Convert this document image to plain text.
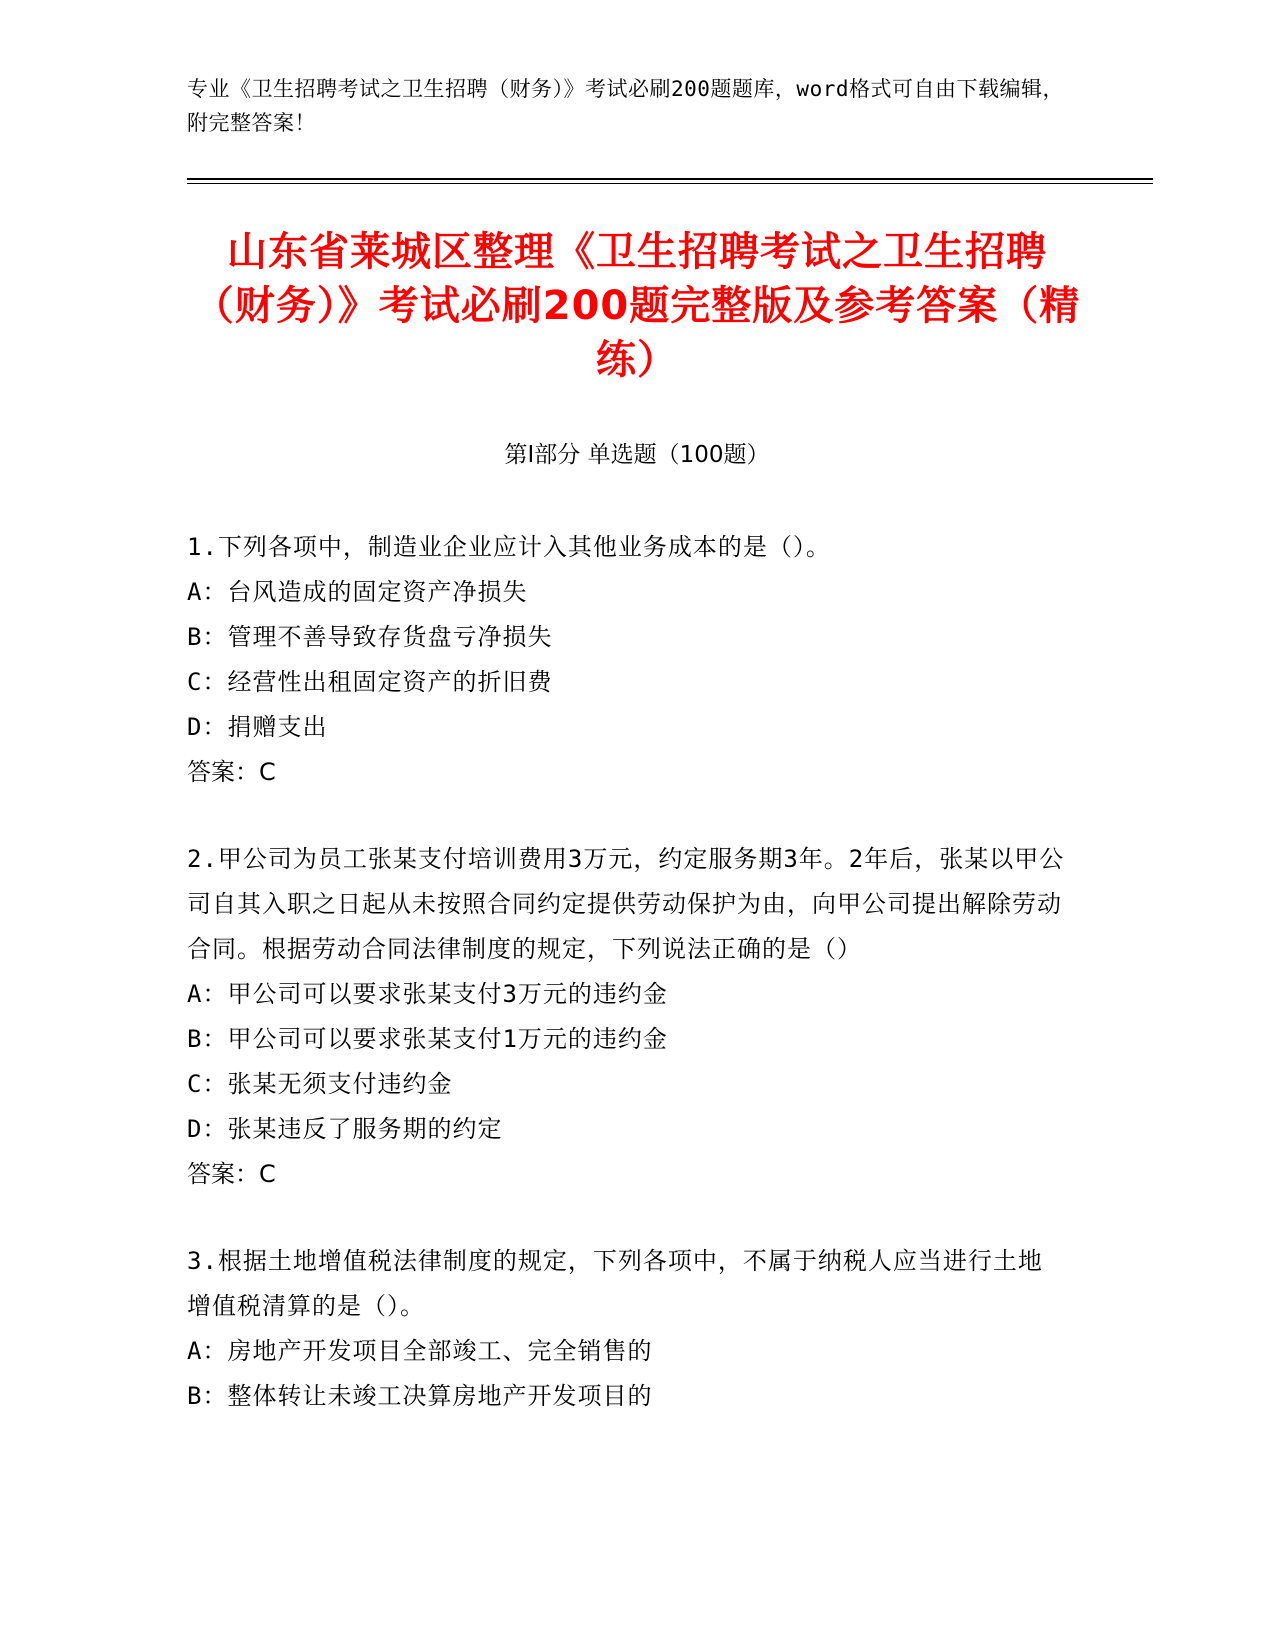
专业《卫生招聘考试之卫生招聘（财务）》考试必刷200题题库，word格式可自由下载编辑，附完整答案！
山东省莱城区整理《卫生招聘考试之卫生招聘（财务）》考试必刷200题完整版及参考答案（精练）
第Ⅰ部分 单选题（100题）
1.下列各项中，制造业企业应计入其他业务成本的是（）。
A：台风造成的固定资产净损失
B：管理不善导致存货盘亏净损失
C：经营性出租固定资产的折旧费
D：捐赠支出
答案：C
2.甲公司为员工张某支付培训费用3万元，约定服务期3年。2年后，张某以甲公司自其入职之日起从未按照合同约定提供劳动保护为由，向甲公司提出解除劳动合同。根据劳动合同法律制度的规定，下列说法正确的是（）
A：甲公司可以要求张某支付3万元的违约金
B：甲公司可以要求张某支付1万元的违约金
C：张某无须支付违约金
D：张某违反了服务期的约定
答案：C
3.根据土地增值税法律制度的规定，下列各项中，不属于纳税人应当进行土地增值税清算的是（）。
A：房地产开发项目全部竣工、完全销售的
B：整体转让未竣工决算房地产开发项目的
